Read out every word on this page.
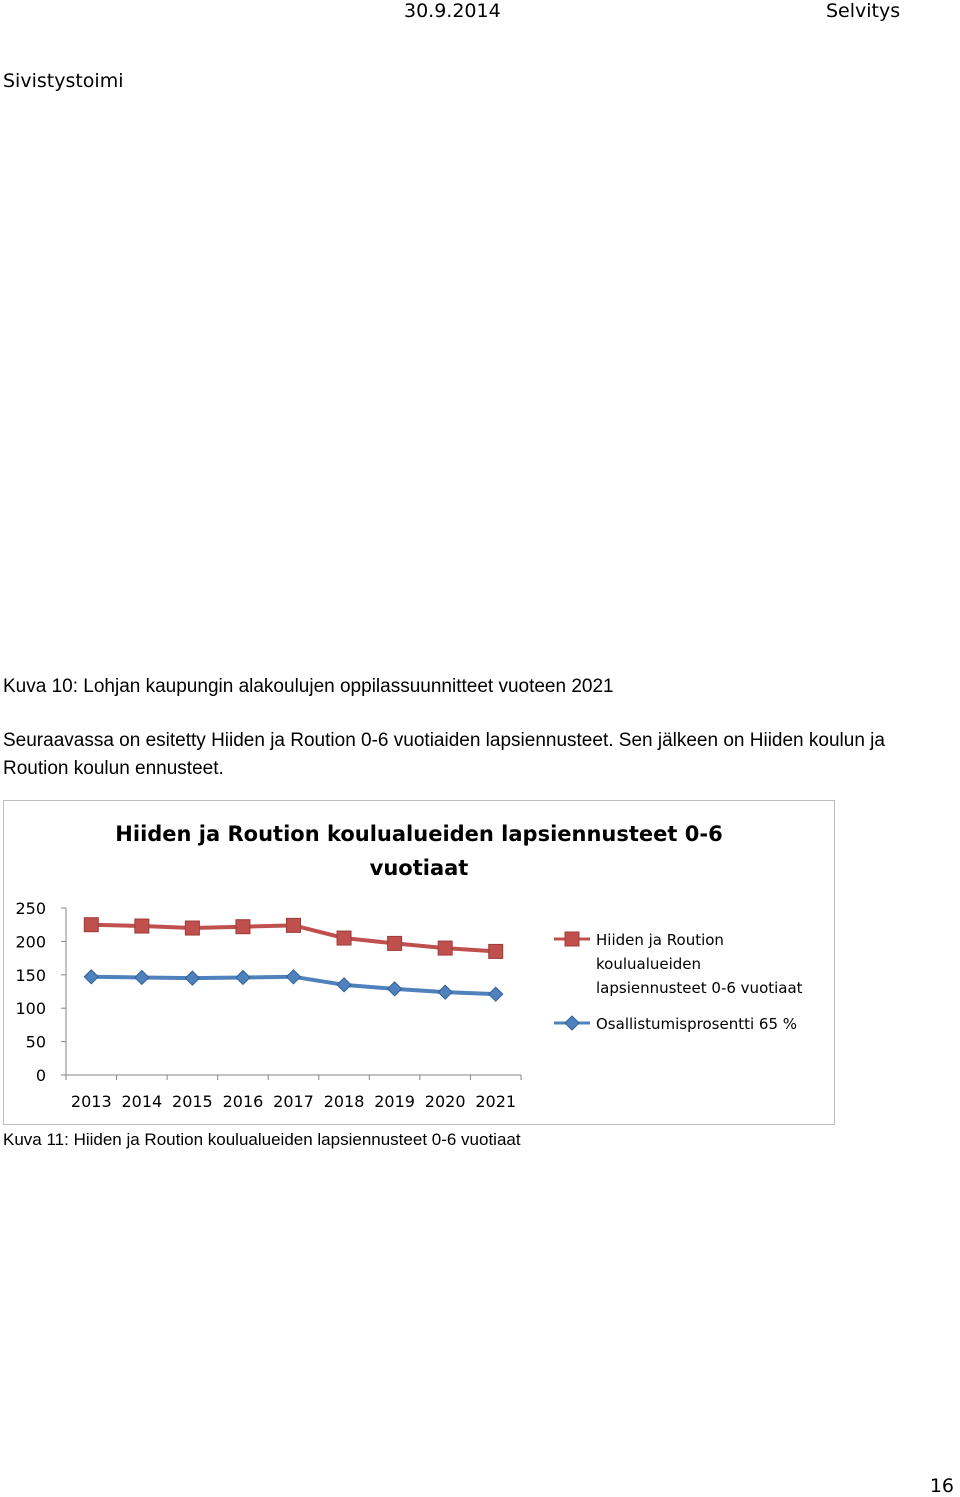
30.9.2014	Selvitys
Sivistystoimi
Kuva 10: Lohjan kaupungin alakoulujen oppilassuunnitteet vuoteen 2021
Seuraavassa on esitetty Hiiden ja Roution 0-6 vuotiaiden lapsiennusteet. Sen jälkeen on Hiiden koulun ja Roution koulun ennusteet.
Hiiden ja Roution koulualueiden lapsiennusteet 0-6
vuotiaat
0
50
100
150
200
250
2013 2014 2015 2016 2017 2018 2019 2020 2021
Hiiden ja Roution
koulualueiden
lapsiennusteet 0-6 vuotiaat
Osallistumisprosentti 65 %
Kuva 11: Hiiden ja Roution koulualueiden lapsiennusteet 0-6 vuotiaat
16
